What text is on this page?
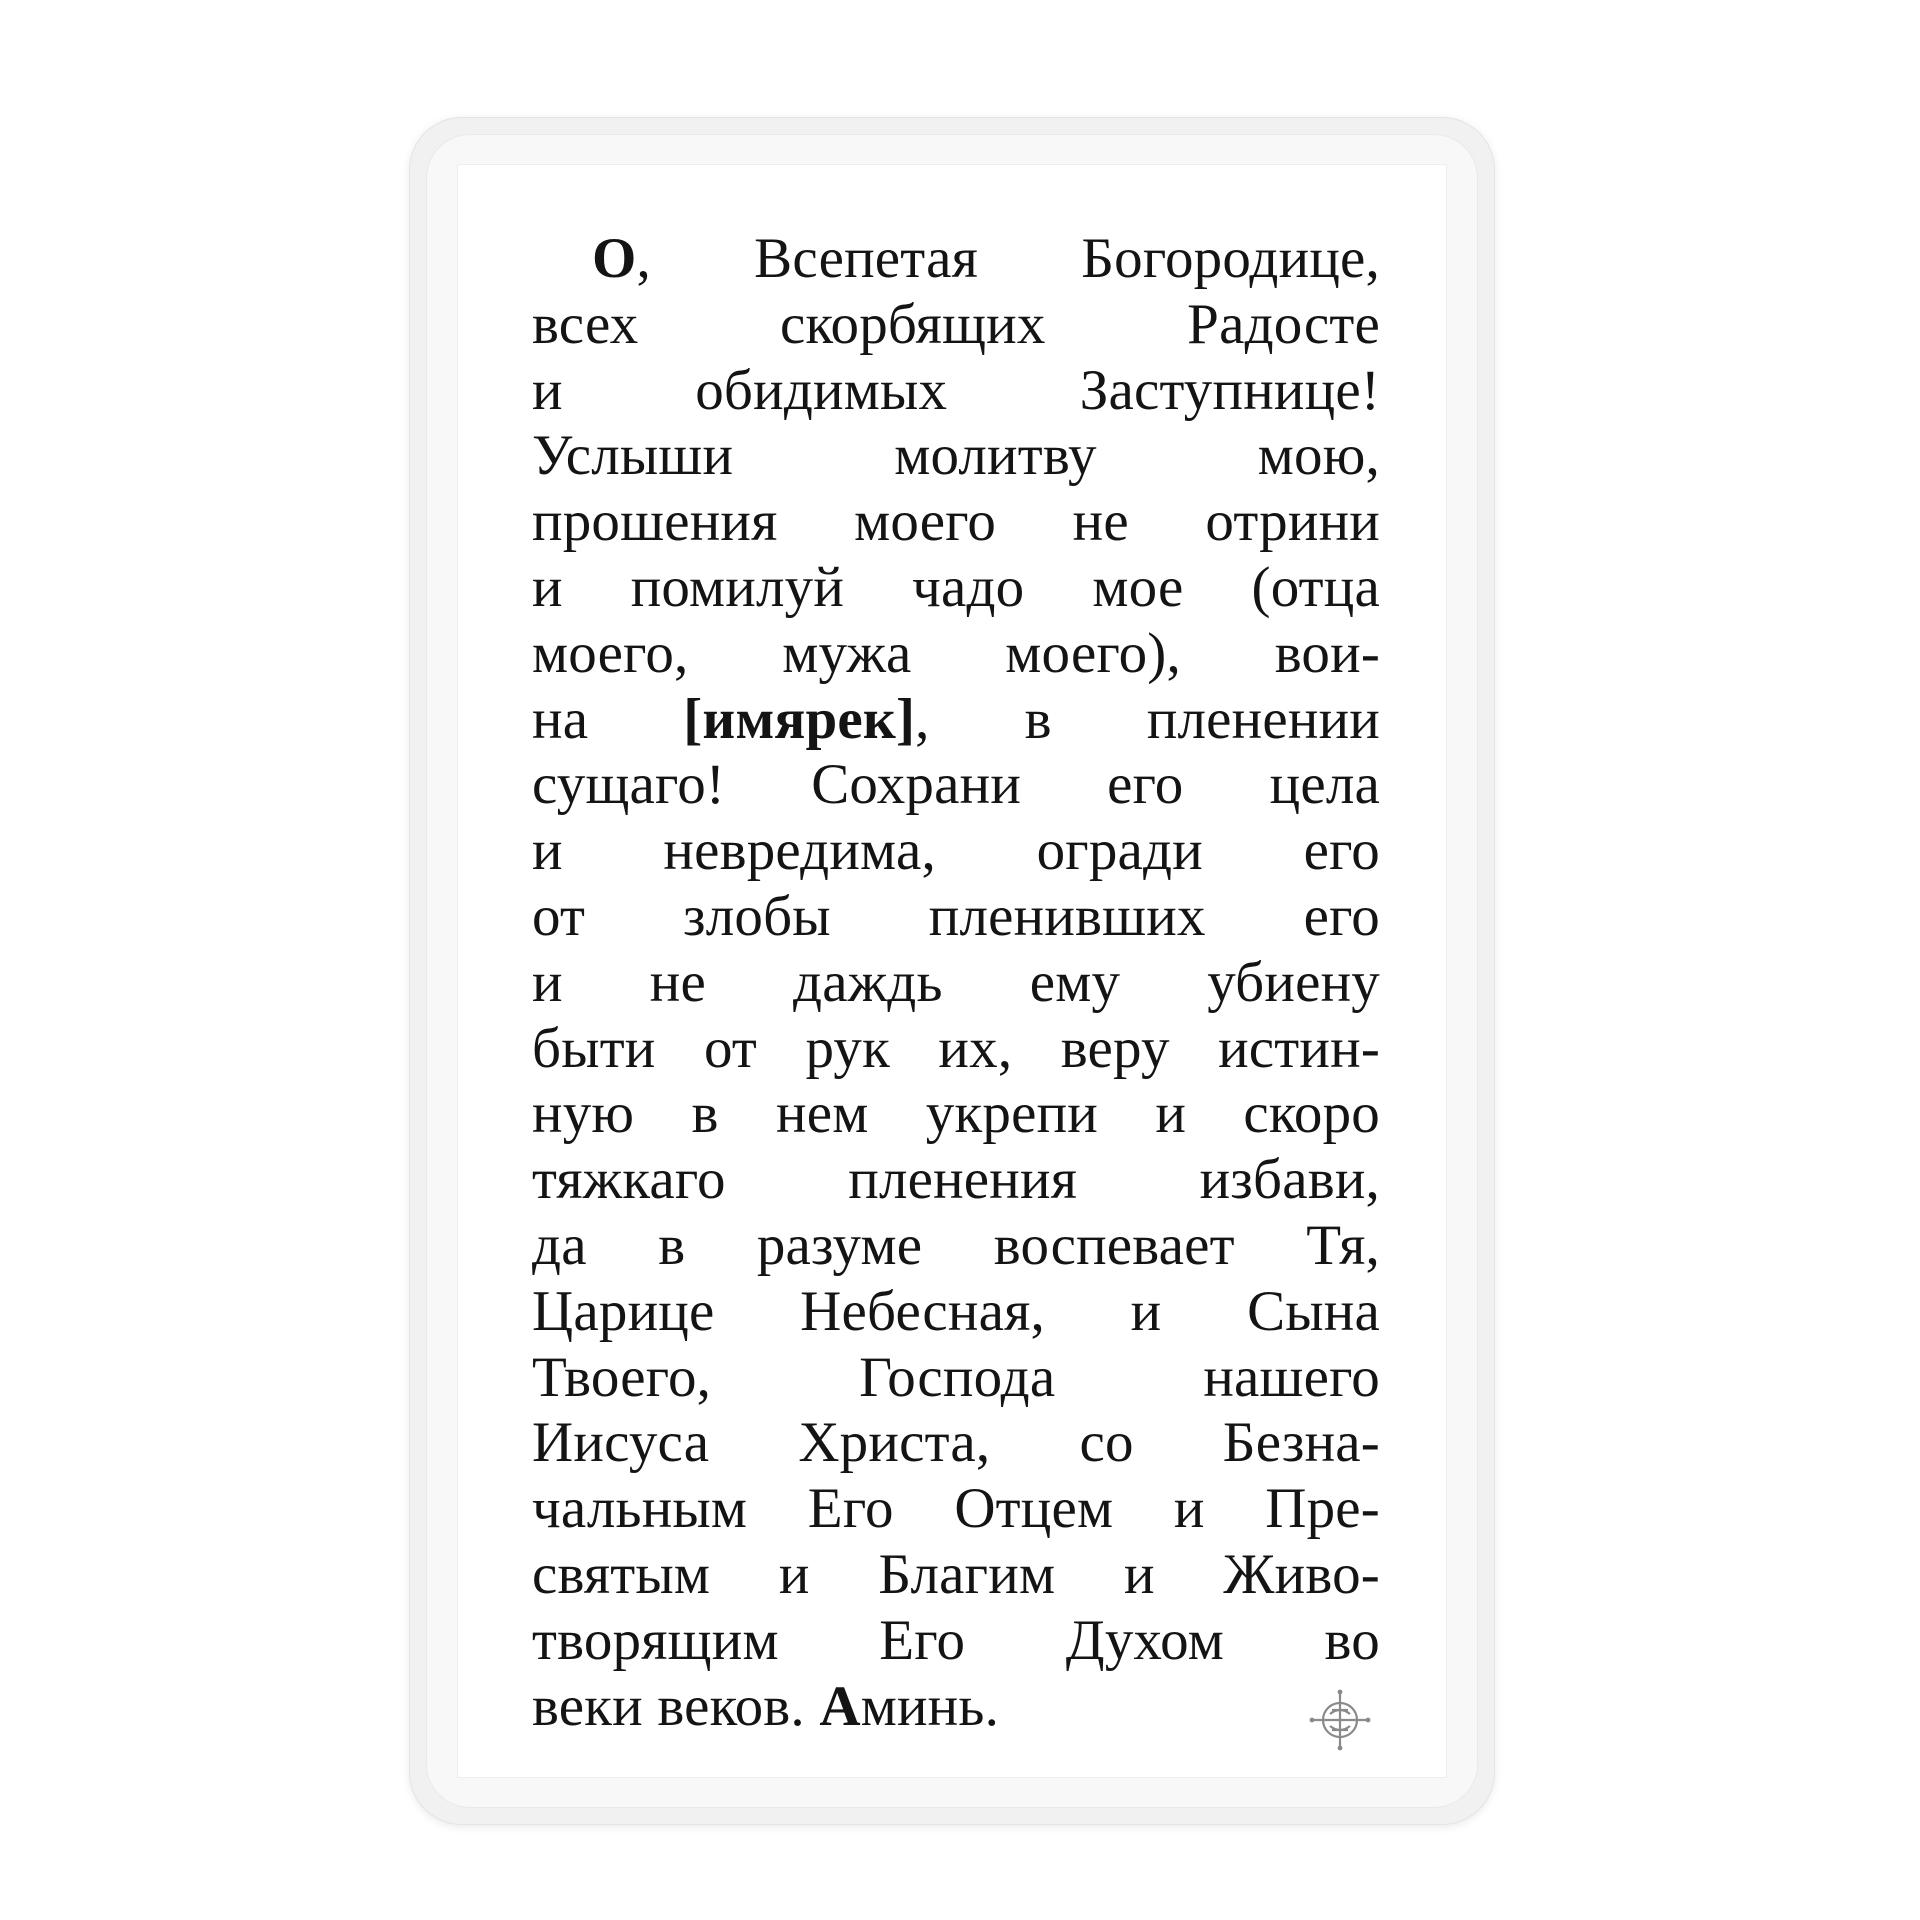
О, Всепетая Богородице,
всех скорбящих Радосте
и обидимых Заступнице!
Услыши молитву мою,
прошения моего не отрини
и помилуй чадо мое (отца
моего, мужа моего), вои-
на [имярек], в пленении
сущаго! Сохрани его цела
и невредима, огради его
от злобы пленивших его
и не даждь ему убиену
быти от рук их, веру истин-
ную в нем укрепи и скоро
тяжкаго пленения избави,
да в разуме воспевает Тя,
Царице Небесная, и Сына
Твоего, Господа нашего
Иисуса Христа, со Безна-
чальным Его Отцем и Пре-
святым и Благим и Живо-
творящим Его Духом во
веки веков. Аминь.
